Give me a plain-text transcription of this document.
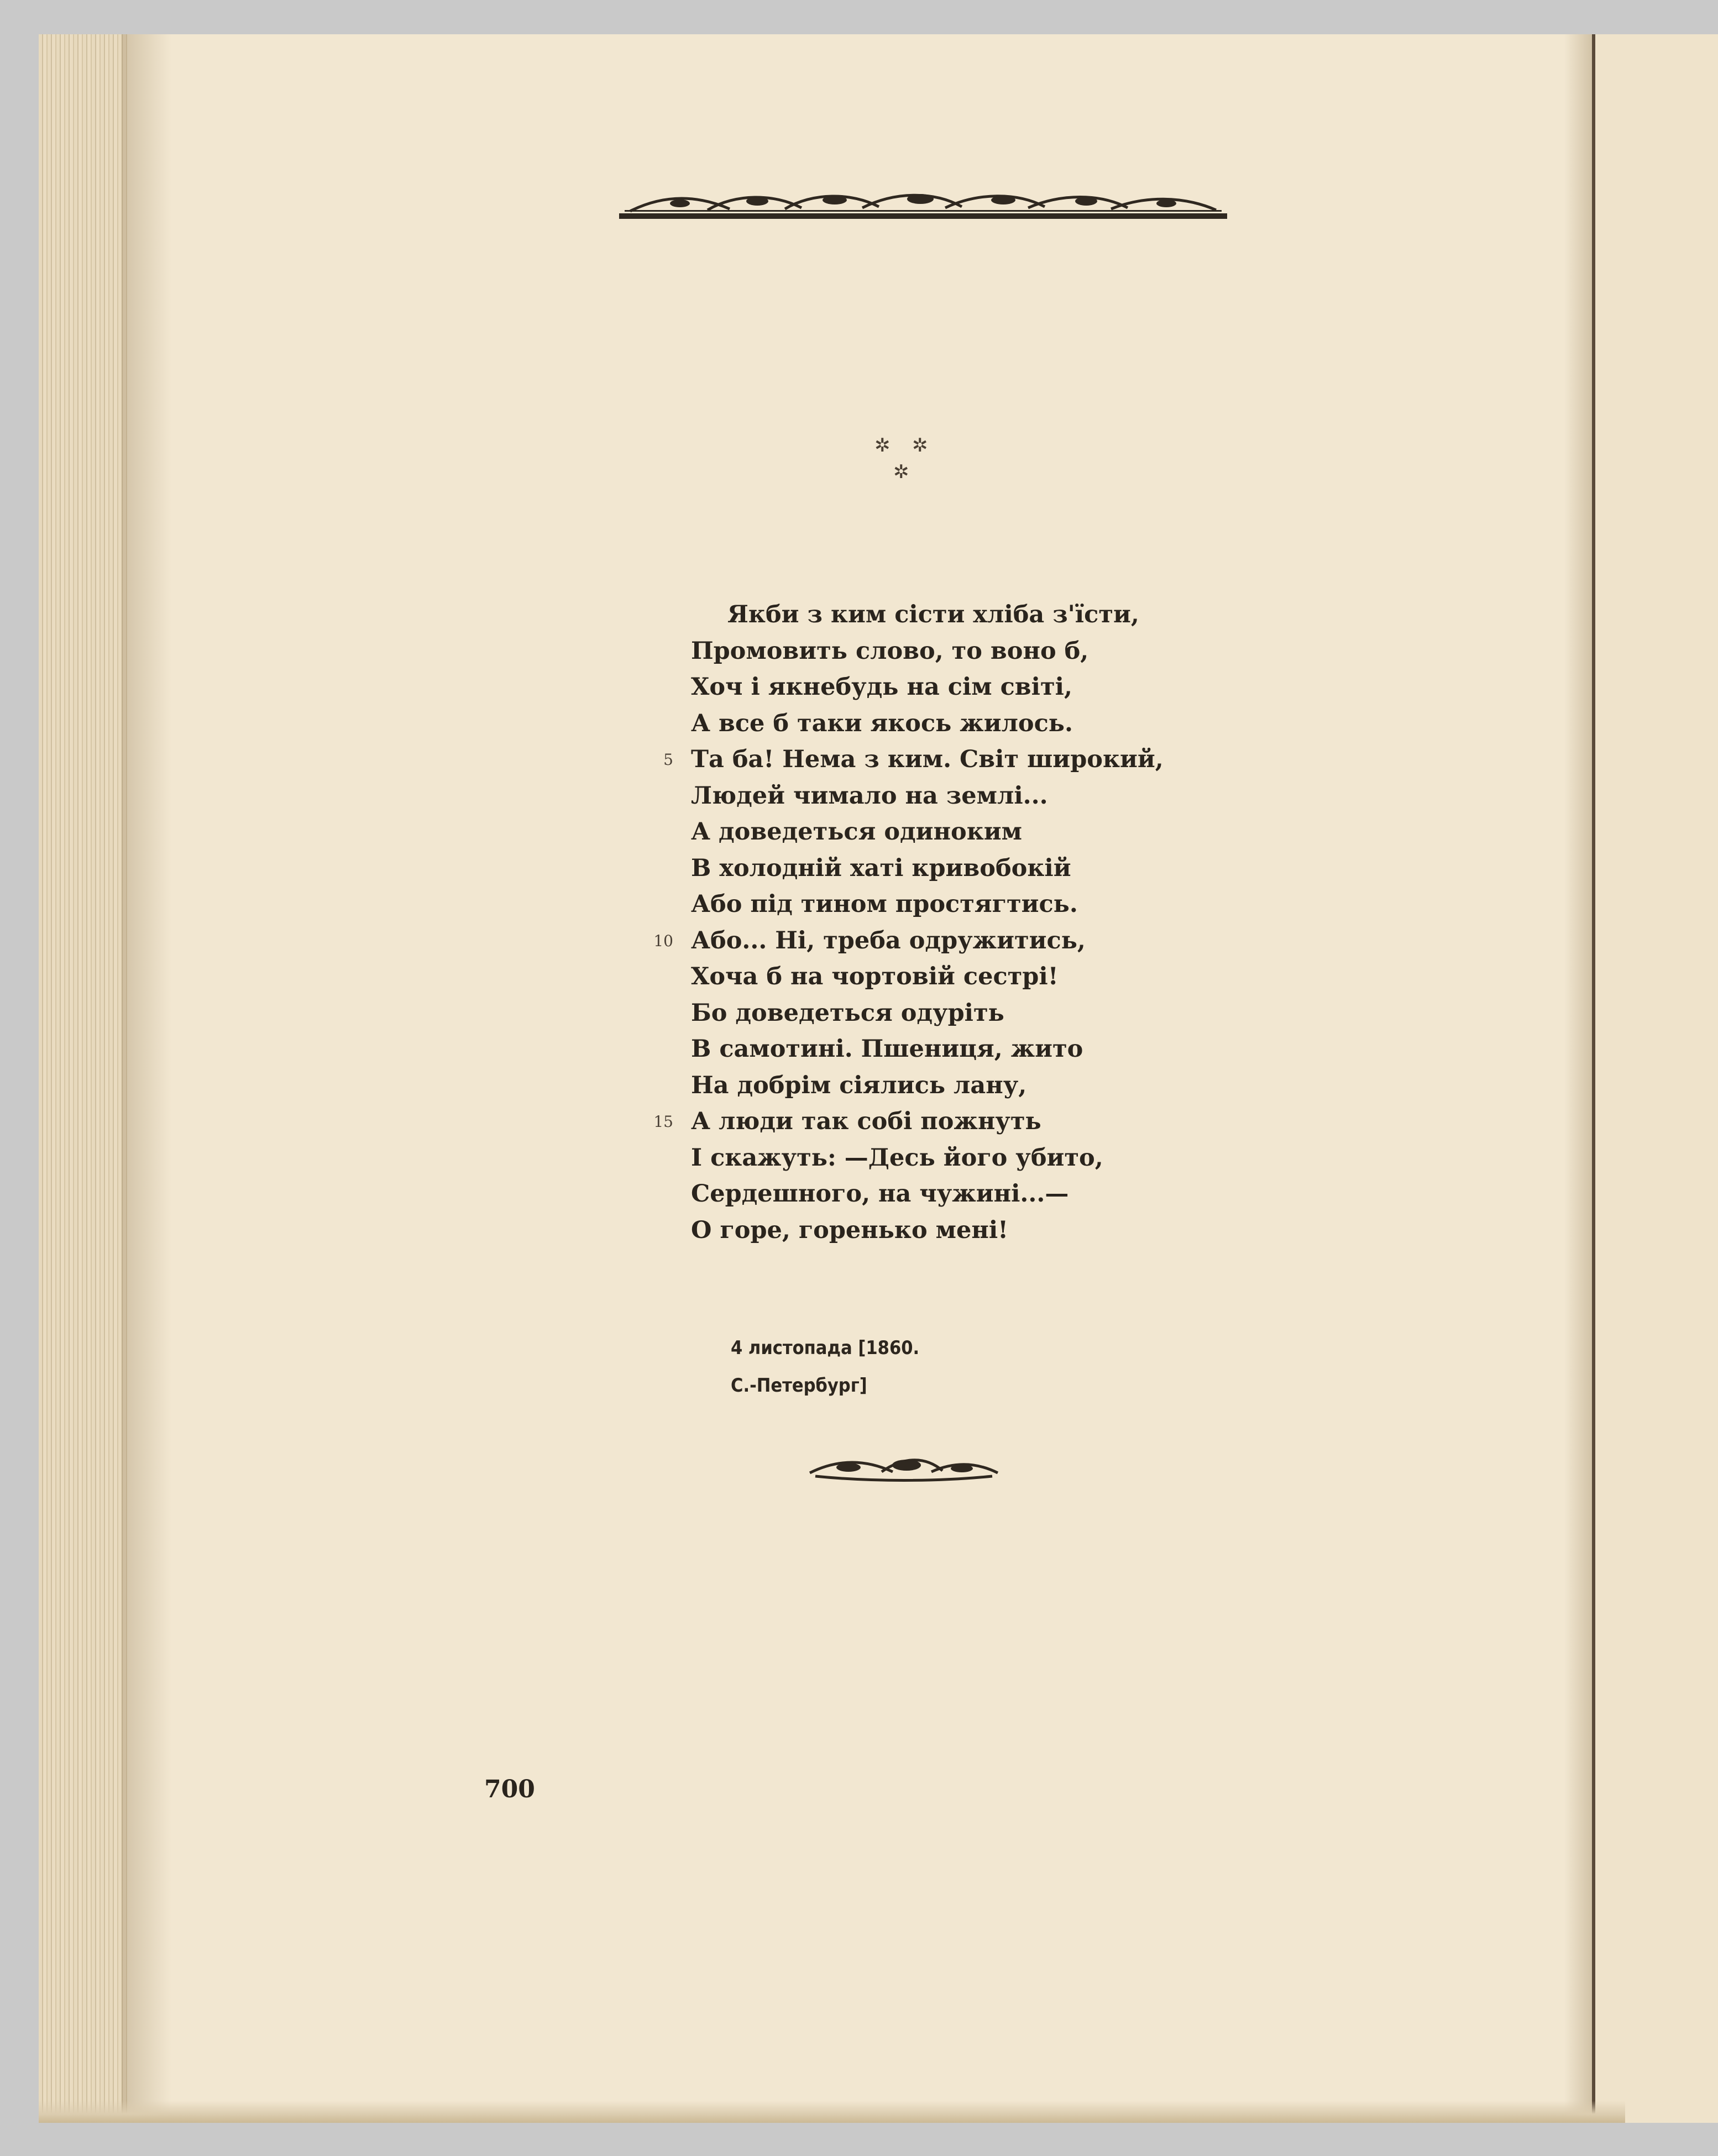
✲ ✲
✲
Якби з ким сісти хліба з'їсти,
Промовить слово, то воно б,
Хоч і якнебудь на сім світі,
А все б таки якось жилось.
5 Та ба! Нема з ким. Світ широкий,
Людей чимало на землі...
А доведеться одиноким
В холодній хаті кривобокій
Або під тином простягтись.
10 Або... Ні, треба одружитись,
Хоча б на чортовій сестрі!
Бо доведеться одуріть
В самотині. Пшениця, жито
На добрім сіялись лану,
15 А люди так собі пожнуть
І скажуть: —Десь його убито,
Сердешного, на чужині...—
О горе, горенько мені!
4 листопада [1860.
С.-Петербург]
700
